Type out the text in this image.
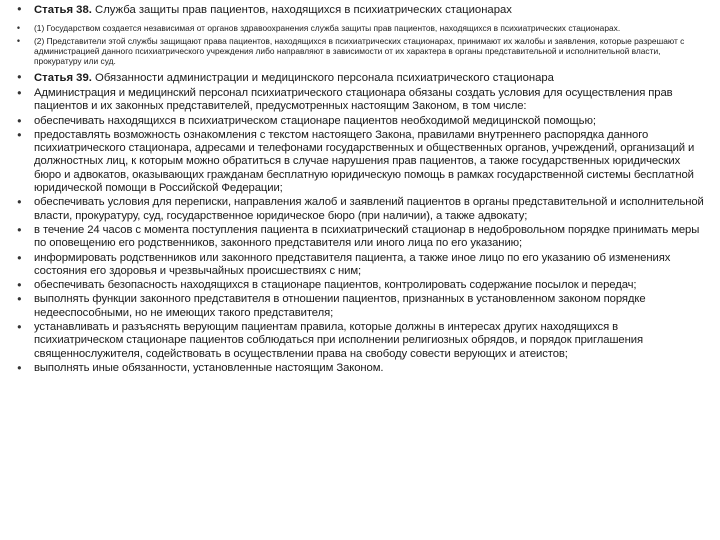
• Статья 38. Служба защиты прав пациентов, находящихся в психиатрических стационарах
• (1) Государством создается независимая от органов здравоохранения служба защиты прав пациентов, находящихся в психиатрических стационарах.
• (2) Представители этой службы защищают права пациентов, находящихся в психиатрических стационарах, принимают их жалобы и заявления, которые разрешают с администрацией данного психиатрического учреждения либо направляют в зависимости от их характера в органы представительной и исполнительной власти, прокуратуру или суд.
• Статья 39. Обязанности администрации и медицинского персонала психиатрического стационара
• Администрация и медицинский персонал психиатрического стационара обязаны создать условия для осуществления прав пациентов и их законных представителей, предусмотренных настоящим Законом, в том числе:
• обеспечивать находящихся в психиатрическом стационаре пациентов необходимой медицинской помощью;
• предоставлять возможность ознакомления с текстом настоящего Закона, правилами внутреннего распорядка данного психиатрического стационара, адресами и телефонами государственных и общественных органов, учреждений, организаций и должностных лиц, к которым можно обратиться в случае нарушения прав пациентов, а также государственных юридических бюро и адвокатов, оказывающих гражданам бесплатную юридическую помощь в рамках государственной системы бесплатной юридической помощи в Российской Федерации;
• обеспечивать условия для переписки, направления жалоб и заявлений пациентов в органы представительной и исполнительной власти, прокуратуру, суд, государственное юридическое бюро (при наличии), а также адвокату;
• в течение 24 часов с момента поступления пациента в психиатрический стационар в недобровольном порядке принимать меры по оповещению его родственников, законного представителя или иного лица по его указанию;
• информировать родственников или законного представителя пациента, а также иное лицо по его указанию об изменениях состояния его здоровья и чрезвычайных происшествиях с ним;
• обеспечивать безопасность находящихся в стационаре пациентов, контролировать содержание посылок и передач;
• выполнять функции законного представителя в отношении пациентов, признанных в установленном законом порядке недееспособными, но не имеющих такого представителя;
• устанавливать и разъяснять верующим пациентам правила, которые должны в интересах других находящихся в психиатрическом стационаре пациентов соблюдаться при исполнении религиозных обрядов, и порядок приглашения священнослужителя, содействовать в осуществлении права на свободу совести верующих и атеистов;
• выполнять иные обязанности, установленные настоящим Законом.
